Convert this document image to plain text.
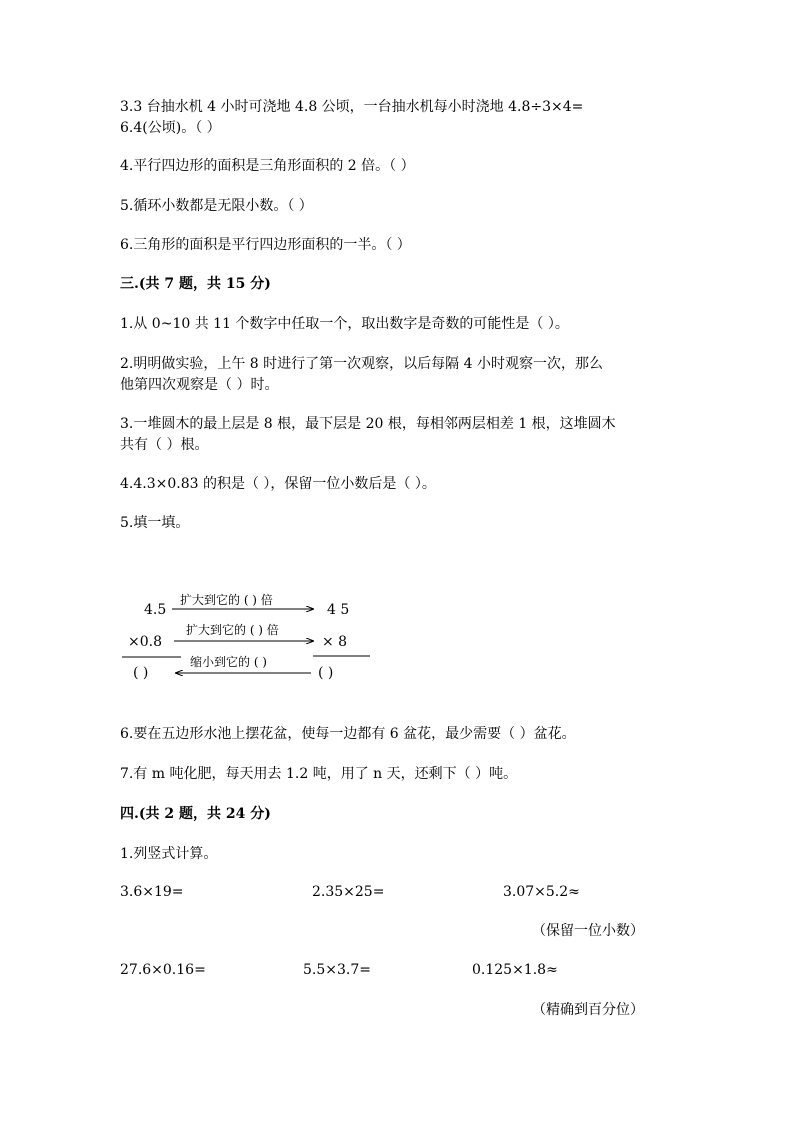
3.3 台抽水机 4 小时可浇地 4.8 公顷，一台抽水机每小时浇地 4.8÷3×4=
6.4(公顷)。（ ）
4.平行四边形的面积是三角形面积的 2 倍。（ ）
5.循环小数都是无限小数。（ ）
6.三角形的面积是平行四边形面积的一半。（ ）
三.(共 7 题，共 15 分)
1.从 0~10 共 11 个数字中任取一个，取出数字是奇数的可能性是（ ）。
2.明明做实验，上午 8 时进行了第一次观察，以后每隔 4 小时观察一次，那么
他第四次观察是（ ）时。
3.一堆圆木的最上层是 8 根，最下层是 20 根，每相邻两层相差 1 根，这堆圆木
共有（ ）根。
4.4.3×0.83 的积是（ ），保留一位小数后是（ ）。
5.填一填。
4.5
×0.8
( )
4 5
× 8
( )
扩大到它的 ( ) 倍
扩大到它的 ( ) 倍
缩小到它的 ( )
6.要在五边形水池上摆花盆，使每一边都有 6 盆花，最少需要（ ）盆花。
7.有 m 吨化肥，每天用去 1.2 吨，用了 n 天，还剩下（ ）吨。
四.(共 2 题，共 24 分)
1.列竖式计算。
3.6×19=	2.35×25=	3.07×5.2≈
（保留一位小数）
27.6×0.16=	5.5×3.7=	0.125×1.8≈
（精确到百分位）
